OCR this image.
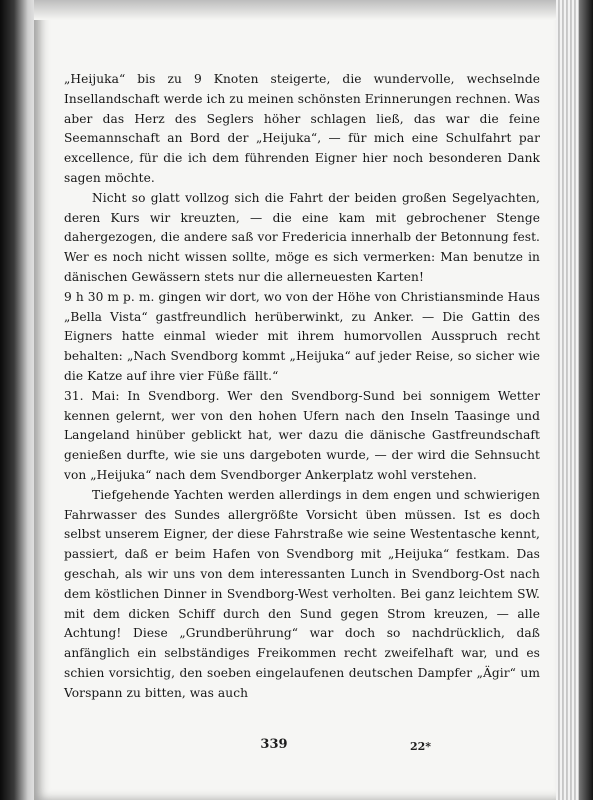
„Heijuka“ bis zu 9 Knoten steigerte, die wundervolle, wechselnde Insellandschaft werde ich zu meinen schönsten Erinnerungen rechnen. Was aber das Herz des Seglers höher schlagen ließ, das war die feine Seemannschaft an Bord der „Heijuka“, — für mich eine Schulfahrt par excellence, für die ich dem führenden Eigner hier noch besonderen Dank sagen möchte.

Nicht so glatt vollzog sich die Fahrt der beiden großen Segelyachten, deren Kurs wir kreuzten, — die eine kam mit gebrochener Stenge dahergezogen, die andere saß vor Fredericia innerhalb der Betonnung fest. Wer es noch nicht wissen sollte, möge es sich vermerken: Man benutze in dänischen Gewässern stets nur die allerneuesten Karten!

9 h 30 m p. m. gingen wir dort, wo von der Höhe von Christiansminde Haus „Bella Vista“ gastfreundlich herüberwinkt, zu Anker. — Die Gattin des Eigners hatte einmal wieder mit ihrem humorvollen Ausspruch recht behalten: „Nach Svendborg kommt „Heijuka“ auf jeder Reise, so sicher wie die Katze auf ihre vier Füße fällt.“

31. Mai: In Svendborg. Wer den Svendborg-Sund bei sonnigem Wetter kennen gelernt, wer von den hohen Ufern nach den Inseln Taasinge und Langeland hinüber geblickt hat, wer dazu die dänische Gastfreundschaft genießen durfte, wie sie uns dargeboten wurde, — der wird die Sehnsucht von „Heijuka“ nach dem Svendborger Ankerplatz wohl verstehen.

Tiefgehende Yachten werden allerdings in dem engen und schwierigen Fahrwasser des Sundes allergrößte Vorsicht üben müssen. Ist es doch selbst unserem Eigner, der diese Fahrstraße wie seine Westentasche kennt, passiert, daß er beim Hafen von Svendborg mit „Heijuka“ festkam. Das geschah, als wir uns von dem interessanten Lunch in Svendborg-Ost nach dem köstlichen Dinner in Svendborg-West verholten. Bei ganz leichtem SW. mit dem dicken Schiff durch den Sund gegen Strom kreuzen, — alle Achtung! Diese „Grundberührung“ war doch so nachdrücklich, daß anfänglich ein selbständiges Freikommen recht zweifelhaft war, und es schien vorsichtig, den soeben eingelaufenen deutschen Dampfer „Ägir“ um Vorspann zu bitten, was auch

339	22*
